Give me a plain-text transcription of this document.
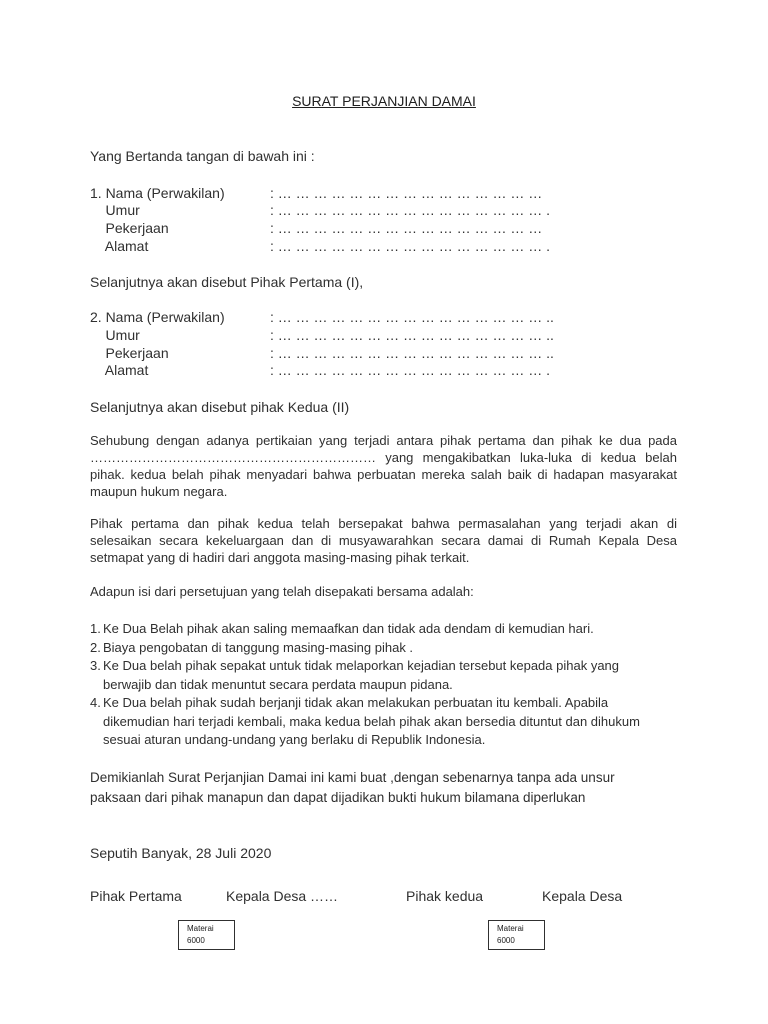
SURAT PERJANJIAN DAMAI
Yang Bertanda tangan di bawah ini :
1. Nama (Perwakilan)	: … … … … … … … … … … … … … … …
Umur	: … … … … … … … … … … … … … … … .
Pekerjaan	: … … … … … … … … … … … … … … …
Alamat	: … … … … … … … … … … … … … … … .
Selanjutnya akan disebut Pihak Pertama (I),
2. Nama (Perwakilan)	: … … … … … … … … … … … … … … … ..
Umur	: … … … … … … … … … … … … … … … ..
Pekerjaan	: … … … … … … … … … … … … … … … ..
Alamat	: … … … … … … … … … … … … … … … .
Selanjutnya akan disebut pihak Kedua (II)
Sehubung dengan adanya pertikaian yang terjadi antara pihak pertama dan pihak ke dua pada ………………………………………………………… yang mengakibatkan luka-luka di kedua belah pihak. kedua belah pihak menyadari bahwa perbuatan mereka salah baik di hadapan masyarakat maupun hukum negara.
Pihak pertama dan pihak kedua telah bersepakat bahwa permasalahan yang terjadi akan di selesaikan secara kekeluargaan dan di musyawarahkan secara damai di Rumah Kepala Desa setmapat yang di hadiri dari anggota masing-masing pihak terkait.
Adapun isi dari persetujuan yang telah disepakati bersama adalah:
1. Ke Dua Belah pihak akan saling memaafkan dan tidak ada dendam di kemudian hari.
2. Biaya pengobatan di tanggung masing-masing pihak .
3. Ke Dua belah pihak sepakat untuk tidak melaporkan kejadian tersebut kepada pihak yang berwajib dan tidak menuntut secara perdata maupun pidana.
4. Ke Dua belah pihak sudah berjanji tidak akan melakukan perbuatan itu kembali. Apabila dikemudian hari terjadi kembali, maka kedua belah pihak akan bersedia dituntut dan dihukum sesuai aturan undang-undang yang berlaku di Republik Indonesia.
Demikianlah Surat Perjanjian Damai ini kami buat ,dengan sebenarnya tanpa ada unsur paksaan dari pihak manapun dan dapat dijadikan bukti hukum bilamana diperlukan
Seputih Banyak, 28 Juli 2020
Pihak Pertama	Kepala Desa ……	Pihak kedua	Kepala Desa
Materai
6000
Materai
6000
